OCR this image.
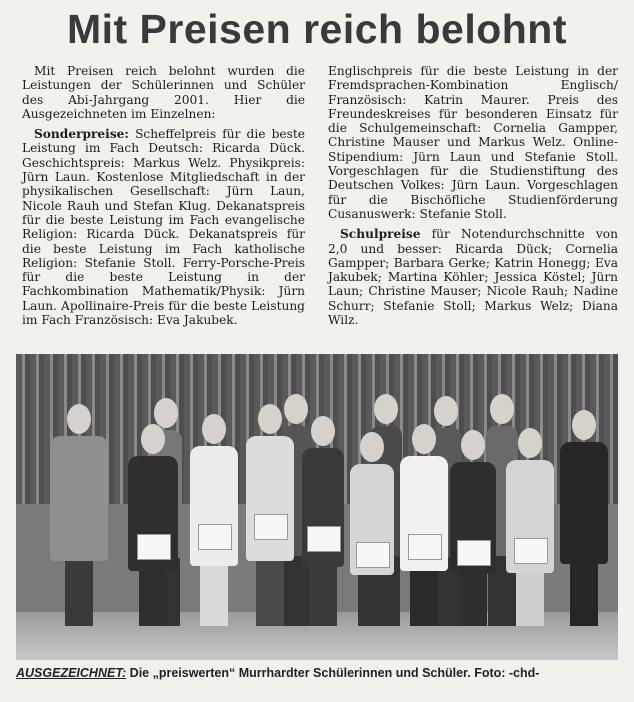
Mit Preisen reich belohnt

Mit Preisen reich belohnt wurden die Leistungen der Schülerinnen und Schüler des Abi-Jahrgang 2001. Hier die Ausgezeichneten im Einzelnen:

Sonderpreise: Scheffelpreis für die beste Leistung im Fach Deutsch: Ricarda Dück. Geschichtspreis: Markus Welz. Physikpreis: Jürn Laun. Kostenlose Mitgliedschaft in der physikalischen Gesellschaft: Jürn Laun, Nicole Rauh und Stefan Klug. Dekanatspreis für die beste Leistung im Fach evangelische Religion: Ricarda Dück. Dekanatspreis für die beste Leistung im Fach katholische Religion: Stefanie Stoll. Ferry-Porsche-Preis für die beste Leistung in der Fachkombination Mathematik/Physik: Jürn Laun. Apollinaire-Preis für die beste Leistung im Fach Französisch: Eva Jakubek.

Englischpreis für die beste Leistung in der Fremdsprachen-Kombination Englisch/ Französisch: Katrin Maurer. Preis des Freundeskreises für besonderen Einsatz für die Schulgemeinschaft: Cornelia Gampper, Christine Mauser und Markus Welz. Online-Stipendium: Jürn Laun und Stefanie Stoll. Vorgeschlagen für die Studienstiftung des Deutschen Volkes: Jürn Laun. Vorgeschlagen für die Bischöfliche Studienförderung Cusanuswerk: Stefanie Stoll.

Schulpreise für Notendurchschnitte von 2,0 und besser: Ricarda Dück; Cornelia Gampper; Barbara Gerke; Katrin Honegg; Eva Jakubek; Martina Köhler; Jessica Köstel; Jürn Laun; Christine Mauser; Nicole Rauh; Nadine Schurr; Stefanie Stoll; Markus Welz; Diana Wilz.

AUSGEZEICHNET: Die „preiswerten“ Murrhardter Schülerinnen und Schüler. Foto: -chd-
